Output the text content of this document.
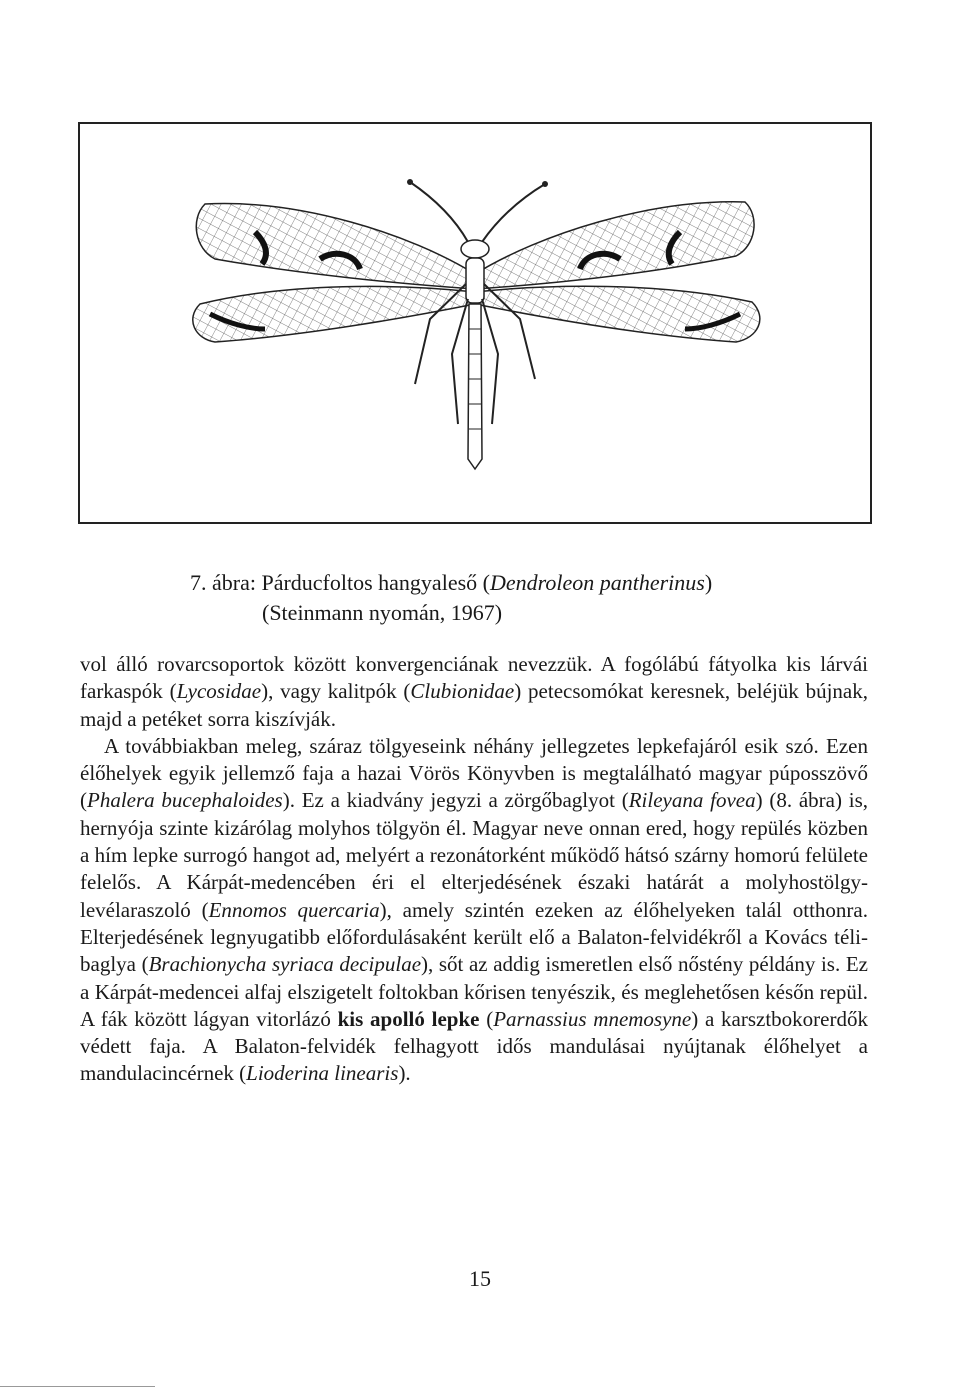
7. ábra: Párducfoltos hangyaleső (Dendroleon pantherinus)
(Steinmann nyomán, 1967)

vol álló rovarcsoportok között konvergenciának nevezzük. A fogólábú fátyolka kis lárvái farkaspók (Lycosidae), vagy kalitpók (Clubionidae) petecsomókat keresnek, beléjük bújnak, majd a petéket sorra kiszívják.

A továbbiakban meleg, száraz tölgyeseink néhány jellegzetes lepkefajáról esik szó. Ezen élőhelyek egyik jellemző faja a hazai Vörös Könyvben is megtalálható magyar púposszövő (Phalera bucephaloides). Ez a kiadvány jegyzi a zörgőbaglyot (Rileyana fovea) (8. ábra) is, hernyója szinte kizárólag molyhos tölgyön él. Magyar neve onnan ered, hogy repülés közben a hím lepke surrogó hangot ad, melyért a rezonátorként működő hátsó szárny homorú felülete felelős. A Kárpát-medencében éri el elterjedésének északi határát a molyhostölgy-levélaraszoló (Ennomos quercaria), amely szintén ezeken az élőhelyeken talál otthonra. Elterjedésének legnyugatibb előfordulásaként került elő a Balaton-felvidékről a Kovács téli-baglya (Brachionycha syriaca decipulae), sőt az addig ismeretlen első nőstény példány is. Ez a Kárpát-medencei alfaj elszigetelt foltokban kőrisen tenyészik, és meglehetősen későn repül. A fák között lágyan vitorlázó kis apolló lepke (Parnassius mnemosyne) a karsztbokorerdők védett faja. A Balaton-felvidék felhagyott idős mandulásai nyújtanak élőhelyet a mandulacincérnek (Lioderina linearis).

15
